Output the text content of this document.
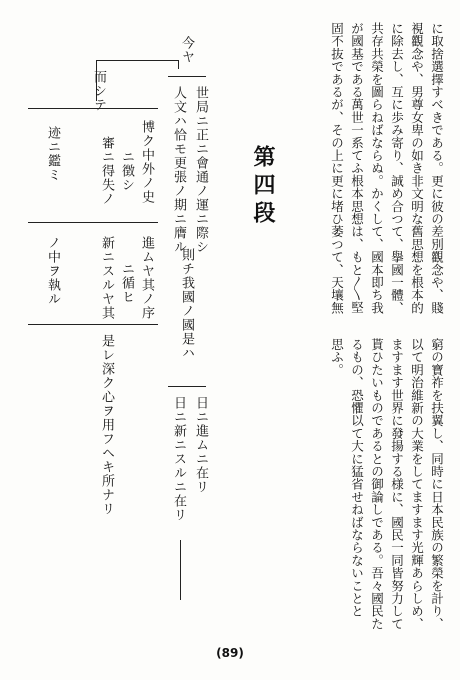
に取捨選擇すべきである。更に彼の差別觀念や、賤
視觀念や、男尊女卑の如き非文明な舊思想を根本的
に除去し、互に歩み寄り、誠め合つて、擧國一體、
共存共榮を圖らねばならぬ。かくして、國本即ち我
が國基である萬世一系てふ根本思想は、もと〱堅
固不抜であるが、その上に更に堵ひ萎つて、天壤無
窮の寶祚を扶翼し、同時に日本民族の繁榮を計り、
以て明治維新の大業をしてますます光輝あらしめ、
ますます世界に發揚する様に、國民一同皆努力して
貰ひたいものであるとの御論しである。吾々國民た
るもの、恐懼以て大に猛省せねばならないことと
思ふ。
第四段
今ヤ
世局ニ正ニ會通ノ運ニ際シ
人文ハ恰モ更張ノ期ニ膺ル
則チ我國ノ國是ハ
日ニ進ムニ在リ
日ニ新ニスルニ在リ
而シテ
博ク中外ノ史
ニ徴シ
審ニ得失ノ
迹ニ鑑ミ
進ムヤ其ノ序
ニ循ヒ
新ニスルヤ其
ノ中ヲ執ル
是レ深ク心ヲ用フヘキ所ナリ
(89)
